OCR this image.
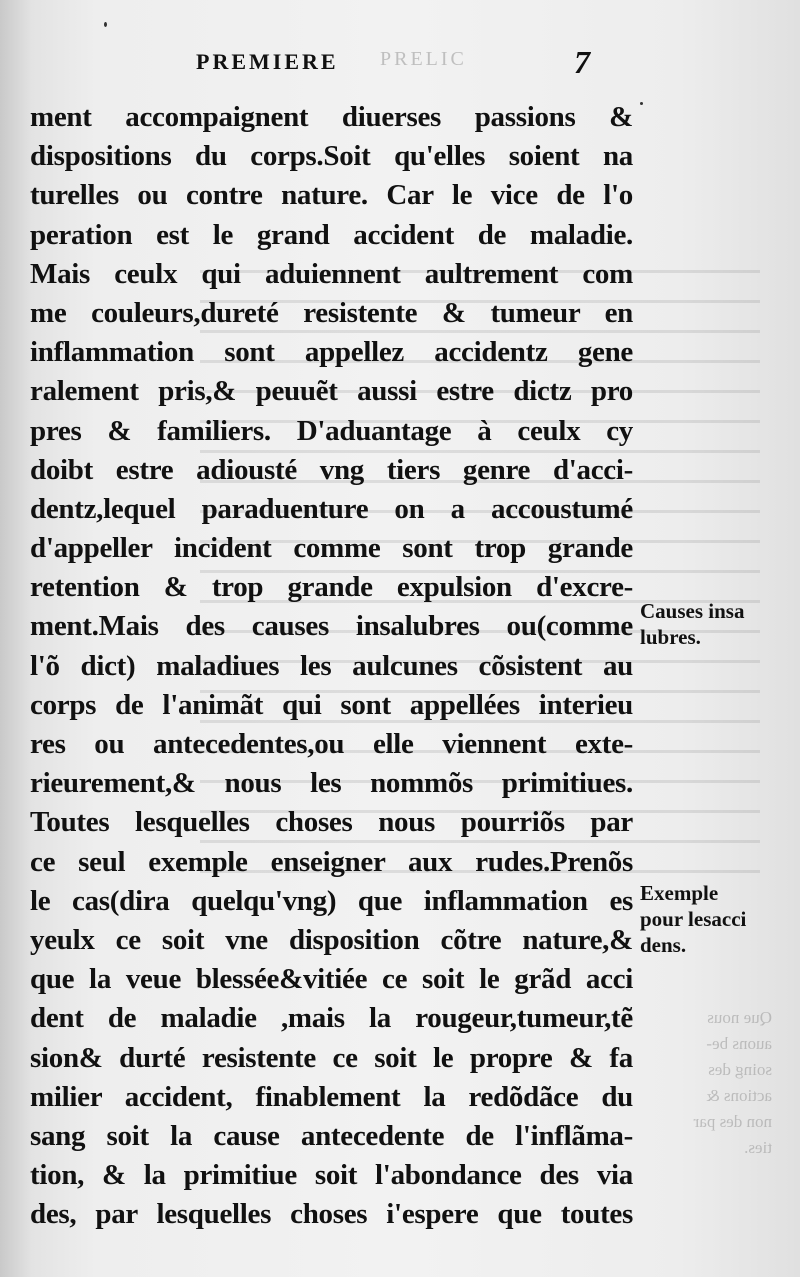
PRELIC
Que nous
auons be-
soing des
actions &
non des par
ties.
PREMIERE	7
ment accompaignent diuerses passions &
dispositions du corps.Soit qu'elles soient na
turelles ou contre nature. Car le vice de l'o
peration est le grand accident de maladie.
Mais ceulx qui aduiennent aultrement com
me couleurs,dureté resistente & tumeur en
inflammation sont appellez accidentz gene
ralement pris,& peuuẽt aussi estre dictz pro
pres & familiers. D'aduantage à ceulx cy
doibt estre adiousté vng tiers genre d'acci-
dentz,lequel paraduenture on a accoustumé
d'appeller incident comme sont trop grande
retention & trop grande expulsion d'excre-
ment.Mais des causes insalubres ou(comme
l'õ dict) maladiues les aulcunes cõsistent au
corps de l'animãt qui sont appellées interieu
res ou antecedentes,ou elle viennent exte-
rieurement,& nous les nommõs primitiues.
Toutes lesquelles choses nous pourriõs par
ce seul exemple enseigner aux rudes.Prenõs
le cas(dira quelqu'vng) que inflammation es
yeulx ce soit vne disposition cõtre nature,&
que la veue blessée&vitiée ce soit le grãd acci
dent de maladie ,mais la rougeur,tumeur,tẽ
sion& durté resistente ce soit le propre & fa
milier accident, finablement la redõdãce du
sang soit la cause antecedente de l'inflãma-
tion, & la primitiue soit l'abondance des via
des, par lesquelles choses i'espere que toutes
Causes insa
lubres.
Exemple
pour lesacci
dens.
